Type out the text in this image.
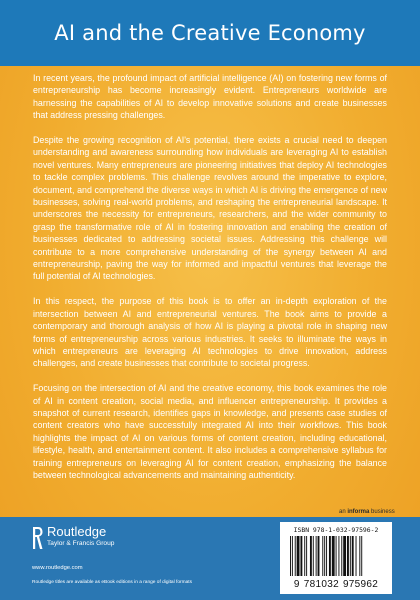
AI and the Creative Economy

In recent years, the profound impact of artificial intelligence (AI) on fostering new forms of entrepreneurship has become increasingly evident. Entrepreneurs worldwide are harnessing the capabilities of AI to develop innovative solutions and create businesses that address pressing challenges.

Despite the growing recognition of AI's potential, there exists a crucial need to deepen understanding and awareness surrounding how individuals are leveraging AI to establish novel ventures. Many entrepreneurs are pioneering initiatives that deploy AI technologies to tackle complex problems. This challenge revolves around the imperative to explore, document, and comprehend the diverse ways in which AI is driving the emergence of new businesses, solving real-world problems, and reshaping the entrepreneurial landscape. It underscores the necessity for entrepreneurs, researchers, and the wider community to grasp the transformative role of AI in fostering innovation and enabling the creation of businesses dedicated to addressing societal issues. Addressing this challenge will contribute to a more comprehensive understanding of the synergy between AI and entrepreneurship, paving the way for informed and impactful ventures that leverage the full potential of AI technologies.

In this respect, the purpose of this book is to offer an in-depth exploration of the intersection between AI and entrepreneurial ventures. The book aims to provide a contemporary and thorough analysis of how AI is playing a pivotal role in shaping new forms of entrepreneurship across various industries. It seeks to illuminate the ways in which entrepreneurs are leveraging AI technologies to drive innovation, address challenges, and create businesses that contribute to societal progress.

Focusing on the intersection of AI and the creative economy, this book examines the role of AI in content creation, social media, and influencer entrepreneurship. It provides a snapshot of current research, identifies gaps in knowledge, and presents case studies of content creators who have successfully integrated AI into their workflows. This book highlights the impact of AI on various forms of content creation, including educational, lifestyle, health, and entertainment content. It also includes a comprehensive syllabus for training entrepreneurs on leveraging AI for content creation, emphasizing the balance between technological advancements and maintaining authenticity.

an informa business
Routledge
Taylor & Francis Group
www.routledge.com
Routledge titles are available as eBook editions in a range of digital formats
ISBN 978-1-032-97596-2
9 781032 975962
